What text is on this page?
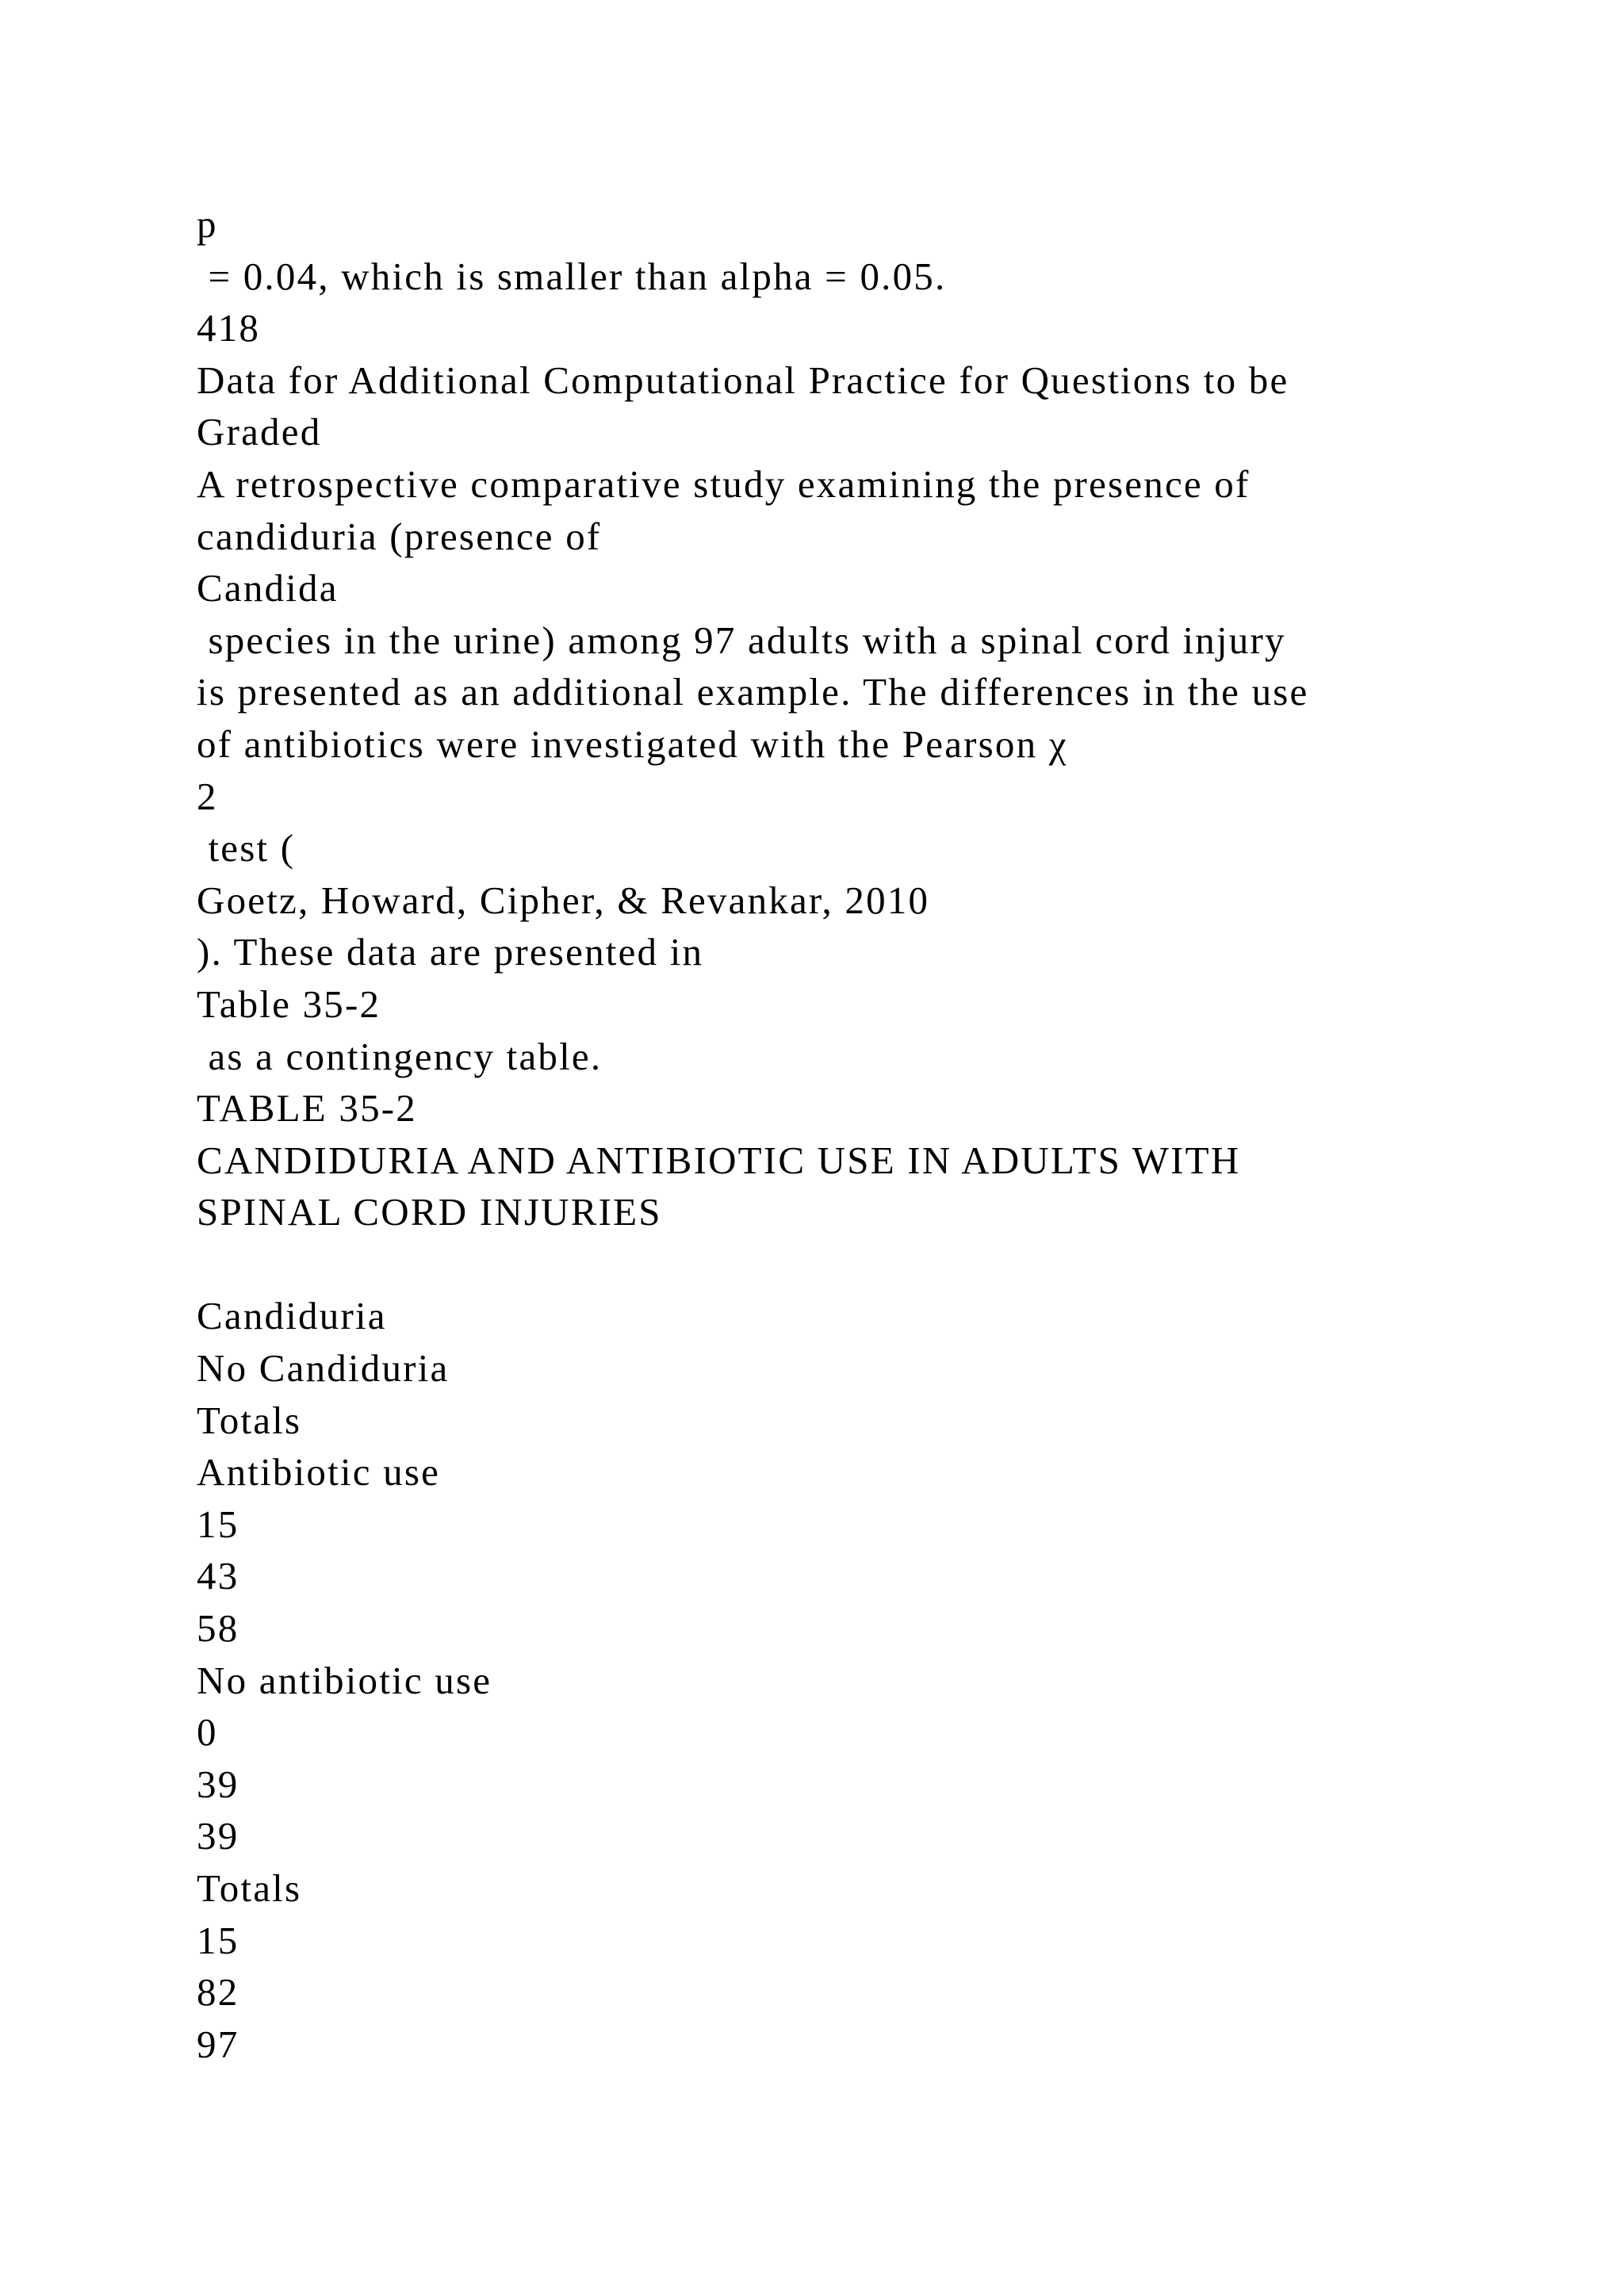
p
= 0.04, which is smaller than alpha = 0.05.
418
Data for Additional Computational Practice for Questions to be
Graded
A retrospective comparative study examining the presence of
candiduria (presence of
Candida
species in the urine) among 97 adults with a spinal cord injury
is presented as an additional example. The differences in the use
of antibiotics were investigated with the Pearson χ
2
test (
Goetz, Howard, Cipher, & Revankar, 2010
). These data are presented in
Table 35-2
as a contingency table.
TABLE 35-2
CANDIDURIA AND ANTIBIOTIC USE IN ADULTS WITH
SPINAL CORD INJURIES
Candiduria
No Candiduria
Totals
Antibiotic use
15
43
58
No antibiotic use
0
39
39
Totals
15
82
97
